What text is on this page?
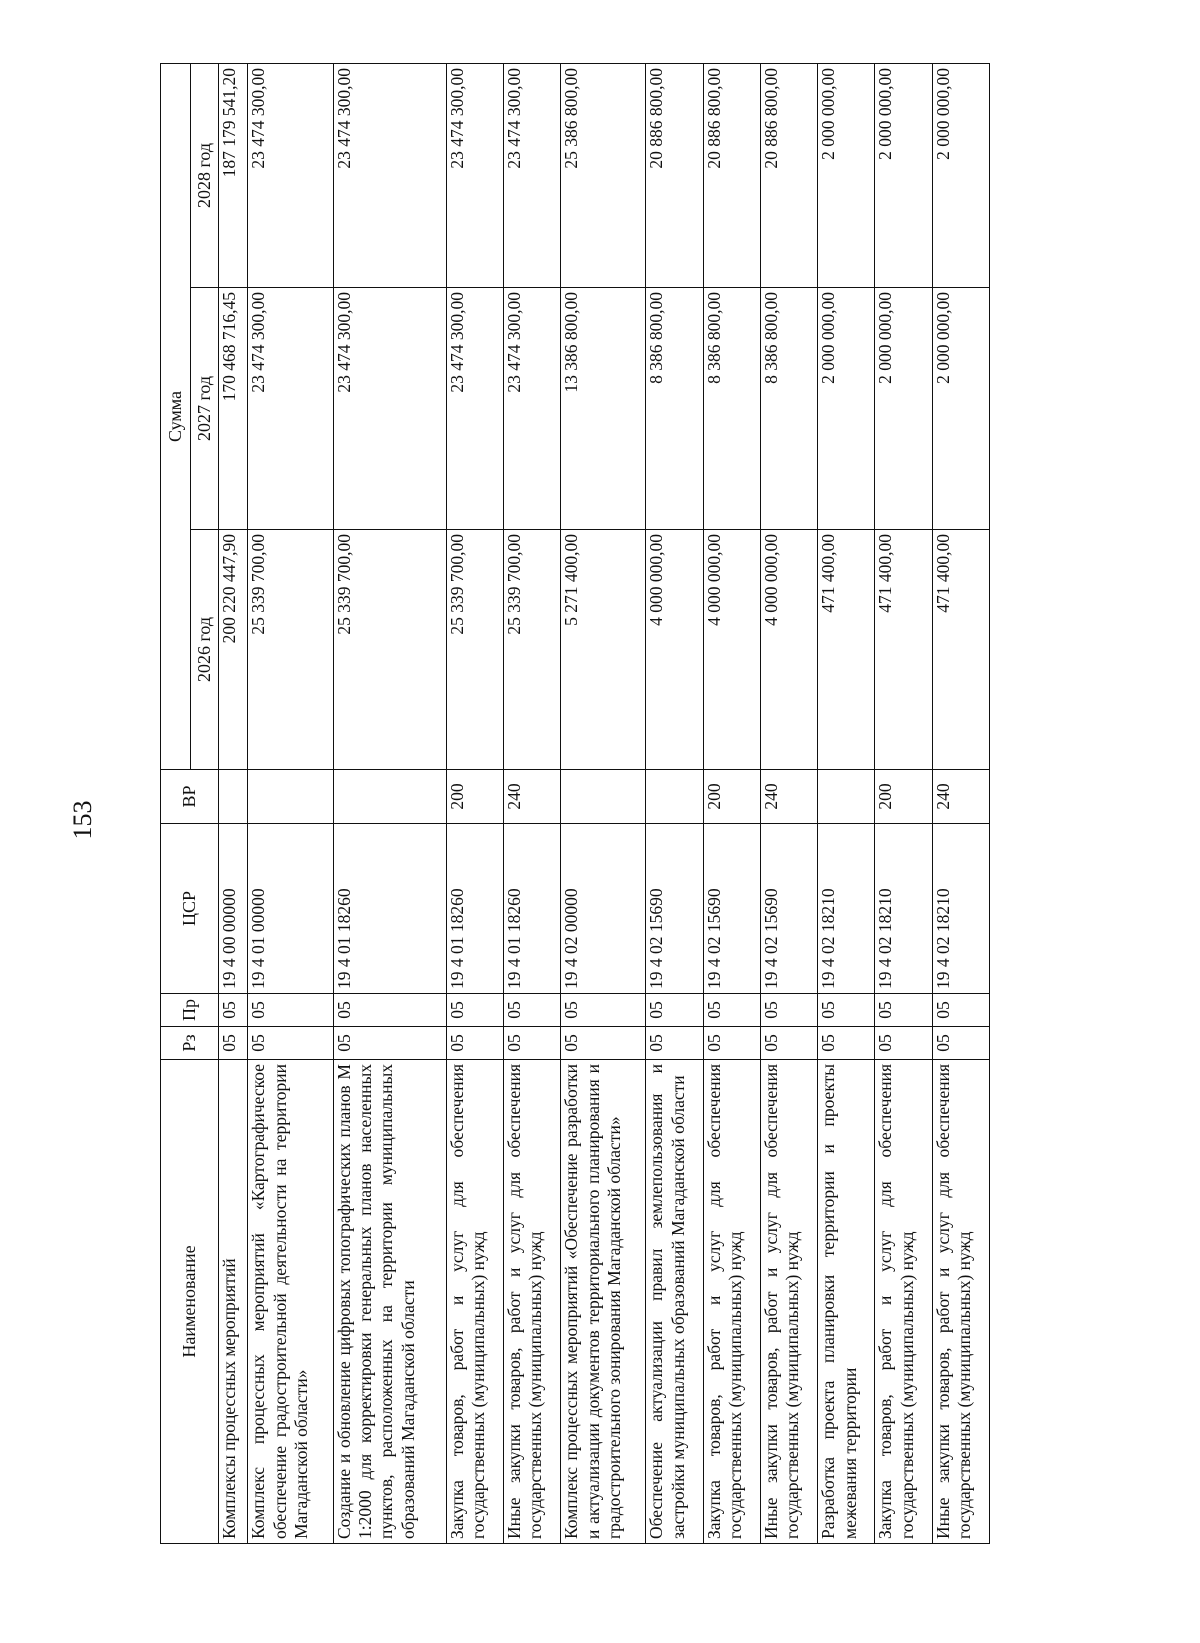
153
Наименование	Рз	Пр	ЦСР	ВР	Сумма		
					2026 год	2027 год	2028 год
Комплексы процессных мероприятий	05	05	19 4 00 00000		200 220 447,90	170 468 716,45	187 179 541,20
Комплекс процессных мероприятий «Картографическое обеспечение градостроительной деятельности на территории Магаданской области»	05	05	19 4 01 00000		25 339 700,00	23 474 300,00	23 474 300,00
Создание и обновление цифровых топографических планов М 1:2000 для корректировки генеральных планов населенных пунктов, расположенных на территории муниципальных образований Магаданской области	05	05	19 4 01 18260		25 339 700,00	23 474 300,00	23 474 300,00
Закупка товаров, работ и услуг для обеспечения государственных (муниципальных) нужд	05	05	19 4 01 18260	200	25 339 700,00	23 474 300,00	23 474 300,00
Иные закупки товаров, работ и услуг для обеспечения государственных (муниципальных) нужд	05	05	19 4 01 18260	240	25 339 700,00	23 474 300,00	23 474 300,00
Комплекс процессных мероприятий «Обеспечение разработки и актуализации документов территориального планирования и градостроительного зонирования Магаданской области»	05	05	19 4 02 00000		5 271 400,00	13 386 800,00	25 386 800,00
Обеспечение актуализации правил землепользования и застройки муниципальных образований Магаданской области	05	05	19 4 02 15690		4 000 000,00	8 386 800,00	20 886 800,00
Закупка товаров, работ и услуг для обеспечения государственных (муниципальных) нужд	05	05	19 4 02 15690	200	4 000 000,00	8 386 800,00	20 886 800,00
Иные закупки товаров, работ и услуг для обеспечения государственных (муниципальных) нужд	05	05	19 4 02 15690	240	4 000 000,00	8 386 800,00	20 886 800,00
Разработка проекта планировки территории и проекты межевания территории	05	05	19 4 02 18210		471 400,00	2 000 000,00	2 000 000,00
Закупка товаров, работ и услуг для обеспечения государственных (муниципальных) нужд	05	05	19 4 02 18210	200	471 400,00	2 000 000,00	2 000 000,00
Иные закупки товаров, работ и услуг для обеспечения государственных (муниципальных) нужд	05	05	19 4 02 18210	240	471 400,00	2 000 000,00	2 000 000,00
